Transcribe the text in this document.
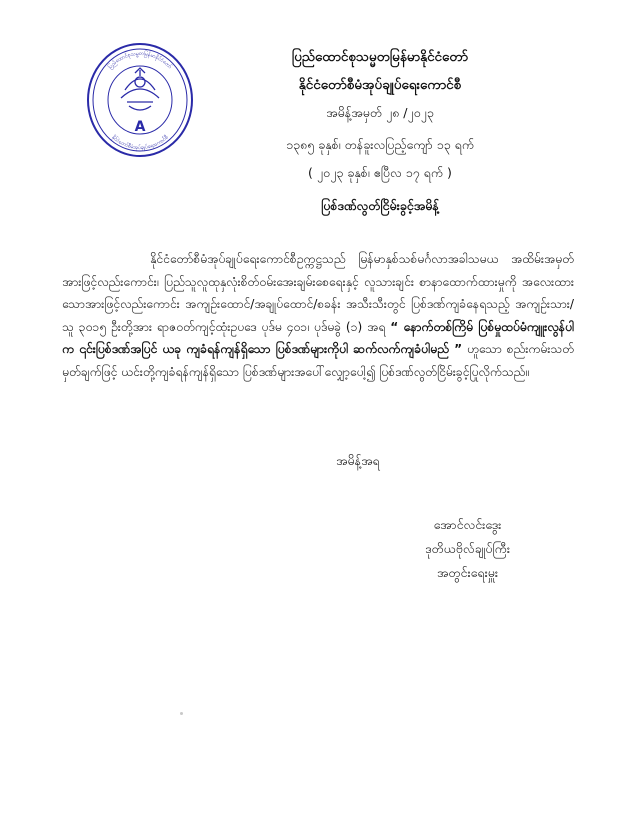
ပြည်ထောင်စုသမ္မတမြန်မာနိုင်ငံတော်
နိုင်ငံတော်စီမံအုပ်ချုပ်ရေးကောင်စီ
A
ပြည်ထောင်စုသမ္မတမြန်မာနိုင်ငံတော်
နိုင်ငံတော်စီမံအုပ်ချုပ်ရေးကောင်စီ
အမိန့်အမှတ် ၂၈ /၂၀၂၃
၁၃၈၅ ခုနှစ်၊ တန်ခူးလပြည့်ကျော် ၁၃ ရက်
( ၂၀၂၃ ခုနှစ်၊ ဧပြီလ ၁၇ ရက် )
ပြစ်ဒဏ်လွတ်ငြိမ်းခွင့်အမိန့်

နိုင်ငံတော်စီမံအုပ်ချုပ်ရေးကောင်စီဥက္ကဋ္ဌသည် မြန်မာနှစ်သစ်မင်္ဂလာအခါသမယ အထိမ်းအမှတ်အားဖြင့်လည်းကောင်း၊ ပြည်သူလူထုနှလုံးစိတ်ဝမ်းအေးချမ်းစေရေးနှင့် လူသားချင်း စာနာထောက်ထားမှုကို အလေးထားသောအားဖြင့်လည်းကောင်း အကျဉ်းထောင်/အချုပ်ထောင်/စခန်း အသီးသီးတွင် ပြစ်ဒဏ်ကျခံနေရသည့် အကျဉ်းသား/သူ ၃၀၁၅ ဦးတို့အား ရာဇဝတ်ကျင့်ထုံးဥပဒေ ပုဒ်မ ၄၀၁၊ ပုဒ်မခွဲ (၁) အရ “ နောက်တစ်ကြိမ် ပြစ်မှုထပ်မံကျူးလွန်ပါက ၎င်းပြစ်ဒဏ်အပြင် ယခု ကျခံရန်ကျန်ရှိသော ပြစ်ဒဏ်များကိုပါ ဆက်လက်ကျခံပါမည် ” ဟူသော စည်းကမ်းသတ်မှတ်ချက်ဖြင့် ယင်းတို့ကျခံရန်ကျန်ရှိသော ပြစ်ဒဏ်များအပေါ်လျှော့ပေါ့၍ ပြစ်ဒဏ်လွတ်ငြိမ်းခွင့်ပြုလိုက်သည်။

အမိန့်အရ
အောင်လင်းဒွေး
ဒုတိယဗိုလ်ချုပ်ကြီး
အတွင်းရေးမှူး
